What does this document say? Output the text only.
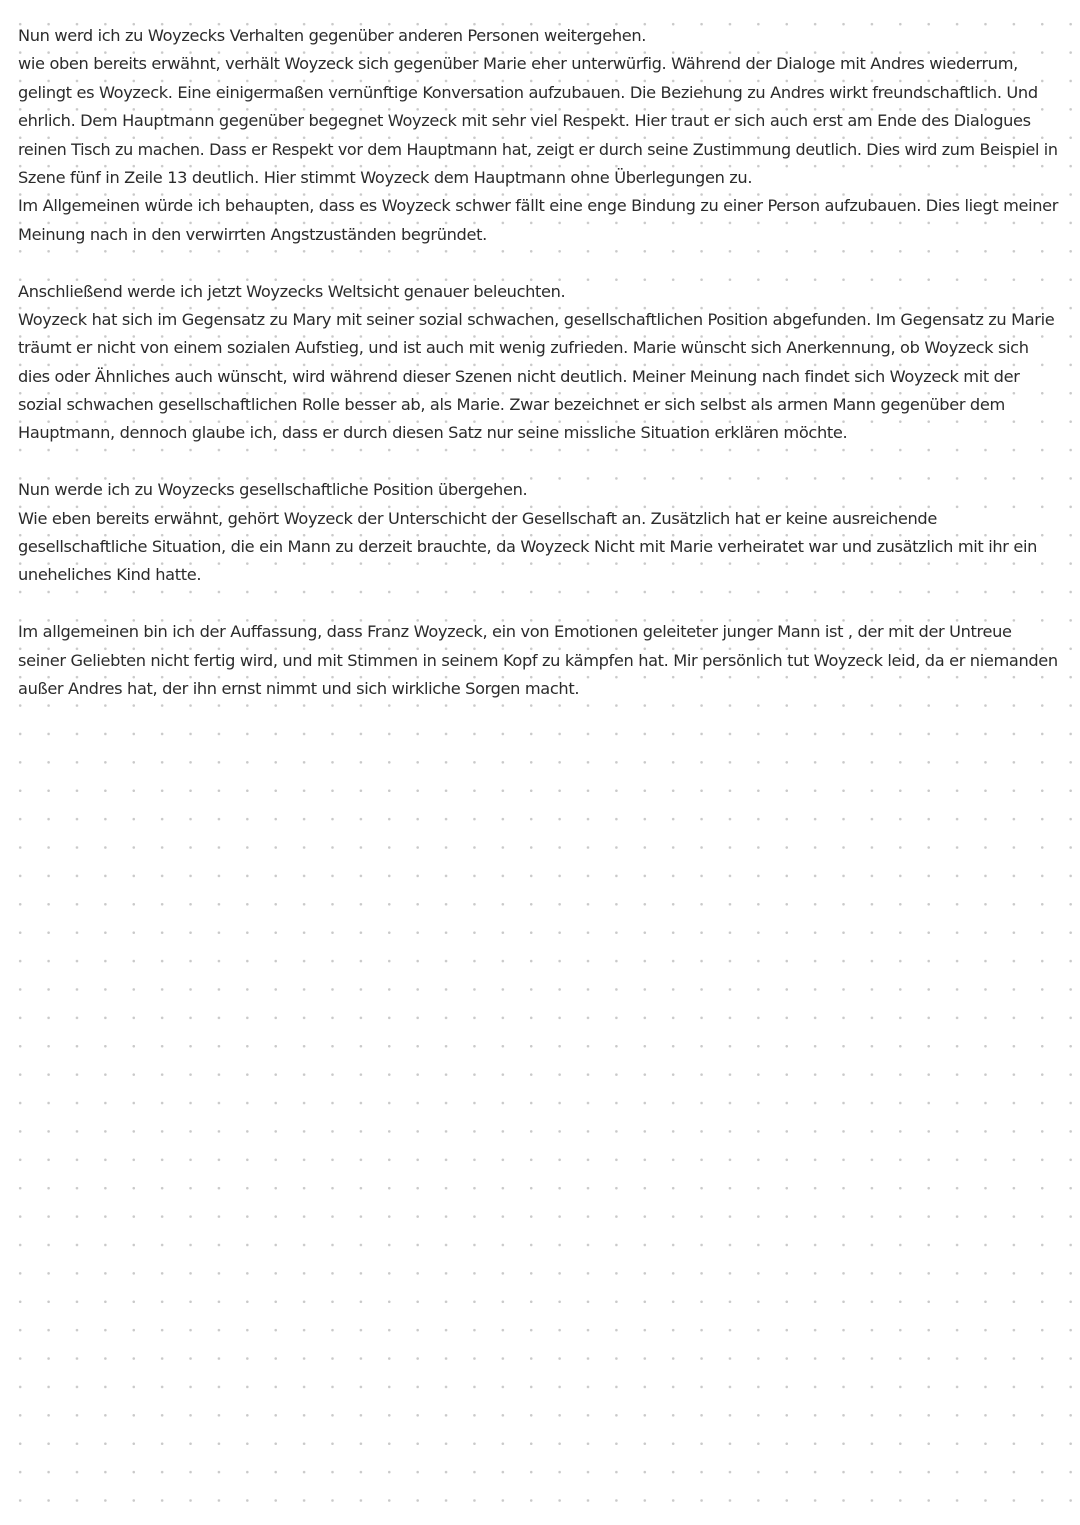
Nun werd ich zu Woyzecks Verhalten gegenüber anderen Personen weitergehen.
wie oben bereits erwähnt, verhält Woyzeck sich gegenüber Marie eher unterwürfig. Während der Dialoge mit Andres wiederrum,
gelingt es Woyzeck. Eine einigermaßen vernünftige Konversation aufzubauen. Die Beziehung zu Andres wirkt freundschaftlich. Und
ehrlich. Dem Hauptmann gegenüber begegnet Woyzeck mit sehr viel Respekt. Hier traut er sich auch erst am Ende des Dialogues
reinen Tisch zu machen. Dass er Respekt vor dem Hauptmann hat, zeigt er durch seine Zustimmung deutlich. Dies wird zum Beispiel in
Szene fünf in Zeile 13 deutlich. Hier stimmt Woyzeck dem Hauptmann ohne Überlegungen zu.
Im Allgemeinen würde ich behaupten, dass es Woyzeck schwer fällt eine enge Bindung zu einer Person aufzubauen. Dies liegt meiner
Meinung nach in den verwirrten Angstzuständen begründet.
Anschließend werde ich jetzt Woyzecks Weltsicht genauer beleuchten.
Woyzeck hat sich im Gegensatz zu Mary mit seiner sozial schwachen, gesellschaftlichen Position abgefunden. Im Gegensatz zu Marie
träumt er nicht von einem sozialen Aufstieg, und ist auch mit wenig zufrieden. Marie wünscht sich Anerkennung, ob Woyzeck sich
dies oder Ähnliches auch wünscht, wird während dieser Szenen nicht deutlich. Meiner Meinung nach findet sich Woyzeck mit der
sozial schwachen gesellschaftlichen Rolle besser ab, als Marie. Zwar bezeichnet er sich selbst als armen Mann gegenüber dem
Hauptmann, dennoch glaube ich, dass er durch diesen Satz nur seine missliche Situation erklären möchte.
Nun werde ich zu Woyzecks gesellschaftliche Position übergehen.
Wie eben bereits erwähnt, gehört Woyzeck der Unterschicht der Gesellschaft an. Zusätzlich hat er keine ausreichende
gesellschaftliche Situation, die ein Mann zu derzeit brauchte, da Woyzeck Nicht mit Marie verheiratet war und zusätzlich mit ihr ein
uneheliches Kind hatte.
Im allgemeinen bin ich der Auffassung, dass Franz Woyzeck, ein von Emotionen geleiteter junger Mann ist , der mit der Untreue
seiner Geliebten nicht fertig wird, und mit Stimmen in seinem Kopf zu kämpfen hat. Mir persönlich tut Woyzeck leid, da er niemanden
außer Andres hat, der ihn ernst nimmt und sich wirkliche Sorgen macht.
